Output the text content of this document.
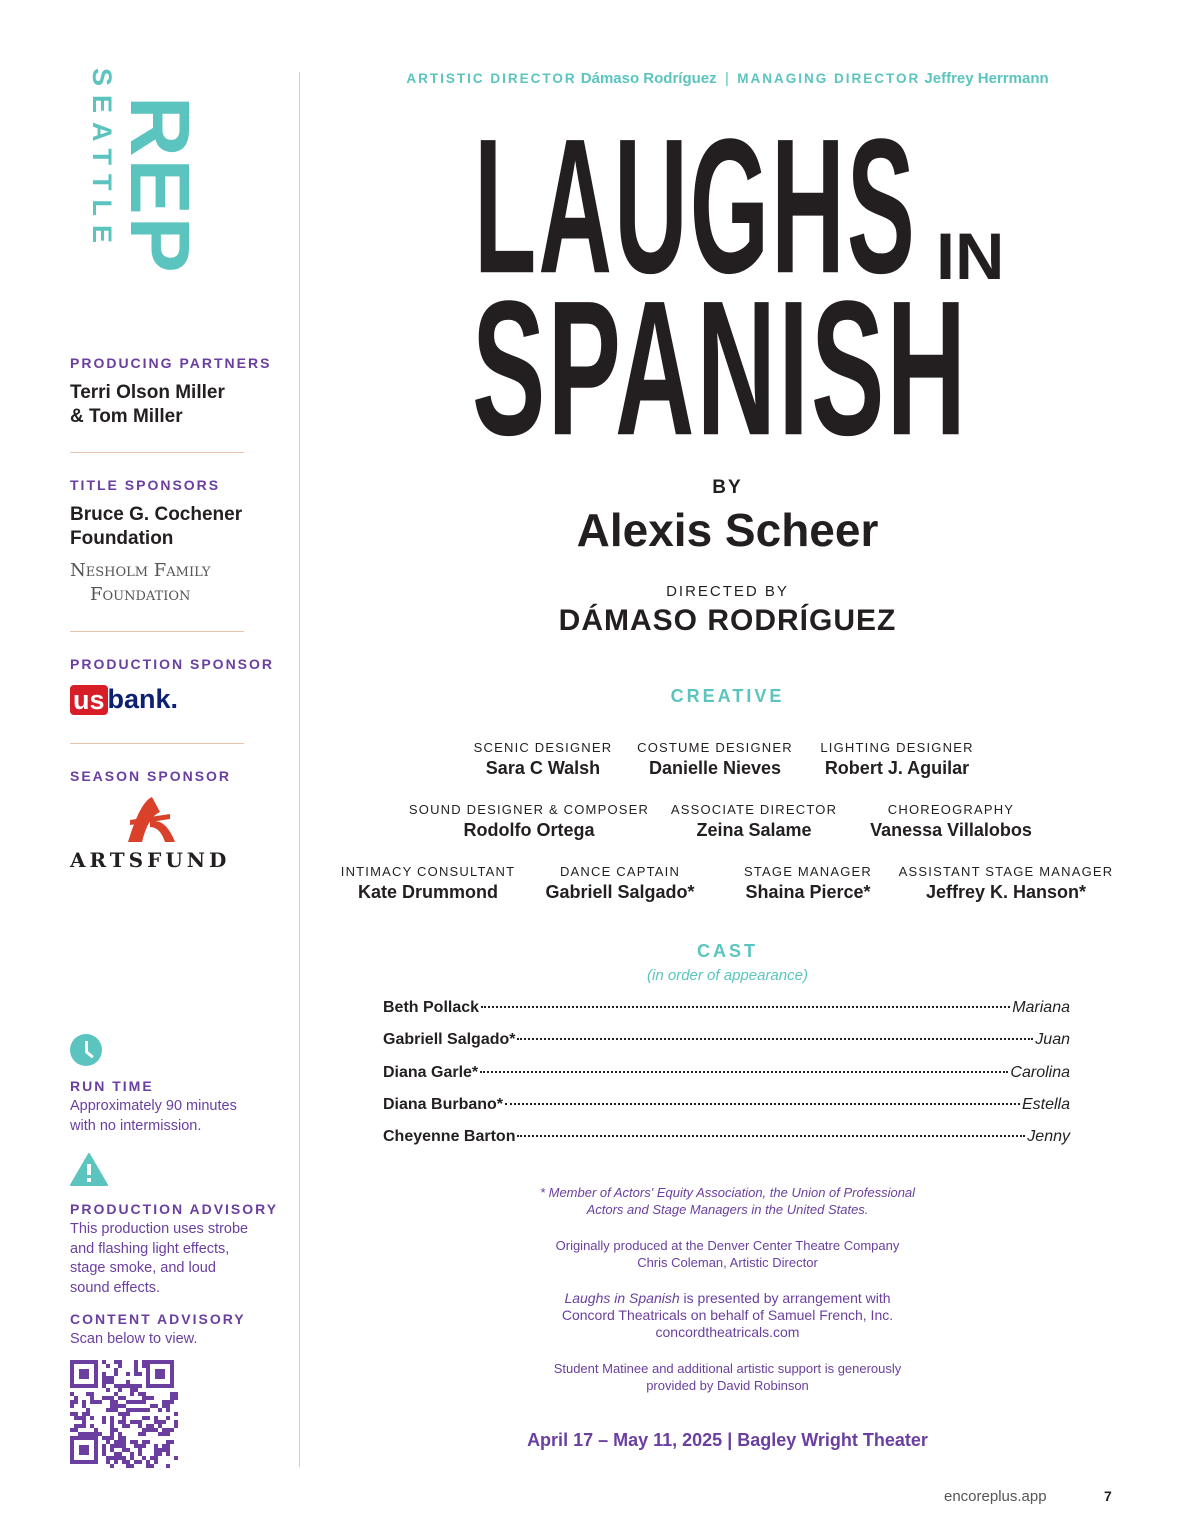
SEATTLE
REP
PRODUCING PARTNERS
Terri Olson Miller
& Tom Miller
TITLE SPONSORS
Bruce G. Cochener
Foundation
Nesholm Family
Foundation
PRODUCTION SPONSOR
us bank.
SEASON SPONSOR
ARTSFUND
RUN TIME
Approximately 90 minutes
with no intermission.
PRODUCTION ADVISORY
This production uses strobe
and flashing light effects,
stage smoke, and loud
sound effects.
CONTENT ADVISORY
Scan below to view.
ARTISTIC DIRECTOR Dámaso Rodríguez | MANAGING DIRECTOR Jeffrey Herrmann
LAUGHS IN
SPANISH
BY
Alexis Scheer
DIRECTED BY
DÁMASO RODRÍGUEZ
CREATIVE
SCENIC DESIGNER
Sara C Walsh
COSTUME DESIGNER
Danielle Nieves
LIGHTING DESIGNER
Robert J. Aguilar
SOUND DESIGNER & COMPOSER
Rodolfo Ortega
ASSOCIATE DIRECTOR
Zeina Salame
CHOREOGRAPHY
Vanessa Villalobos
INTIMACY CONSULTANT
Kate Drummond
DANCE CAPTAIN
Gabriell Salgado*
STAGE MANAGER
Shaina Pierce*
ASSISTANT STAGE MANAGER
Jeffrey K. Hanson*
CAST
(in order of appearance)
Beth Pollack	Mariana
Gabriell Salgado*	Juan
Diana Garle*	Carolina
Diana Burbano*	Estella
Cheyenne Barton	Jenny
* Member of Actors' Equity Association, the Union of Professional
Actors and Stage Managers in the United States.
Originally produced at the Denver Center Theatre Company
Chris Coleman, Artistic Director
Laughs in Spanish is presented by arrangement with
Concord Theatricals on behalf of Samuel French, Inc.
concordtheatricals.com
Student Matinee and additional artistic support is generously
provided by David Robinson
April 17 – May 11, 2025 | Bagley Wright Theater
encoreplus.app	7
